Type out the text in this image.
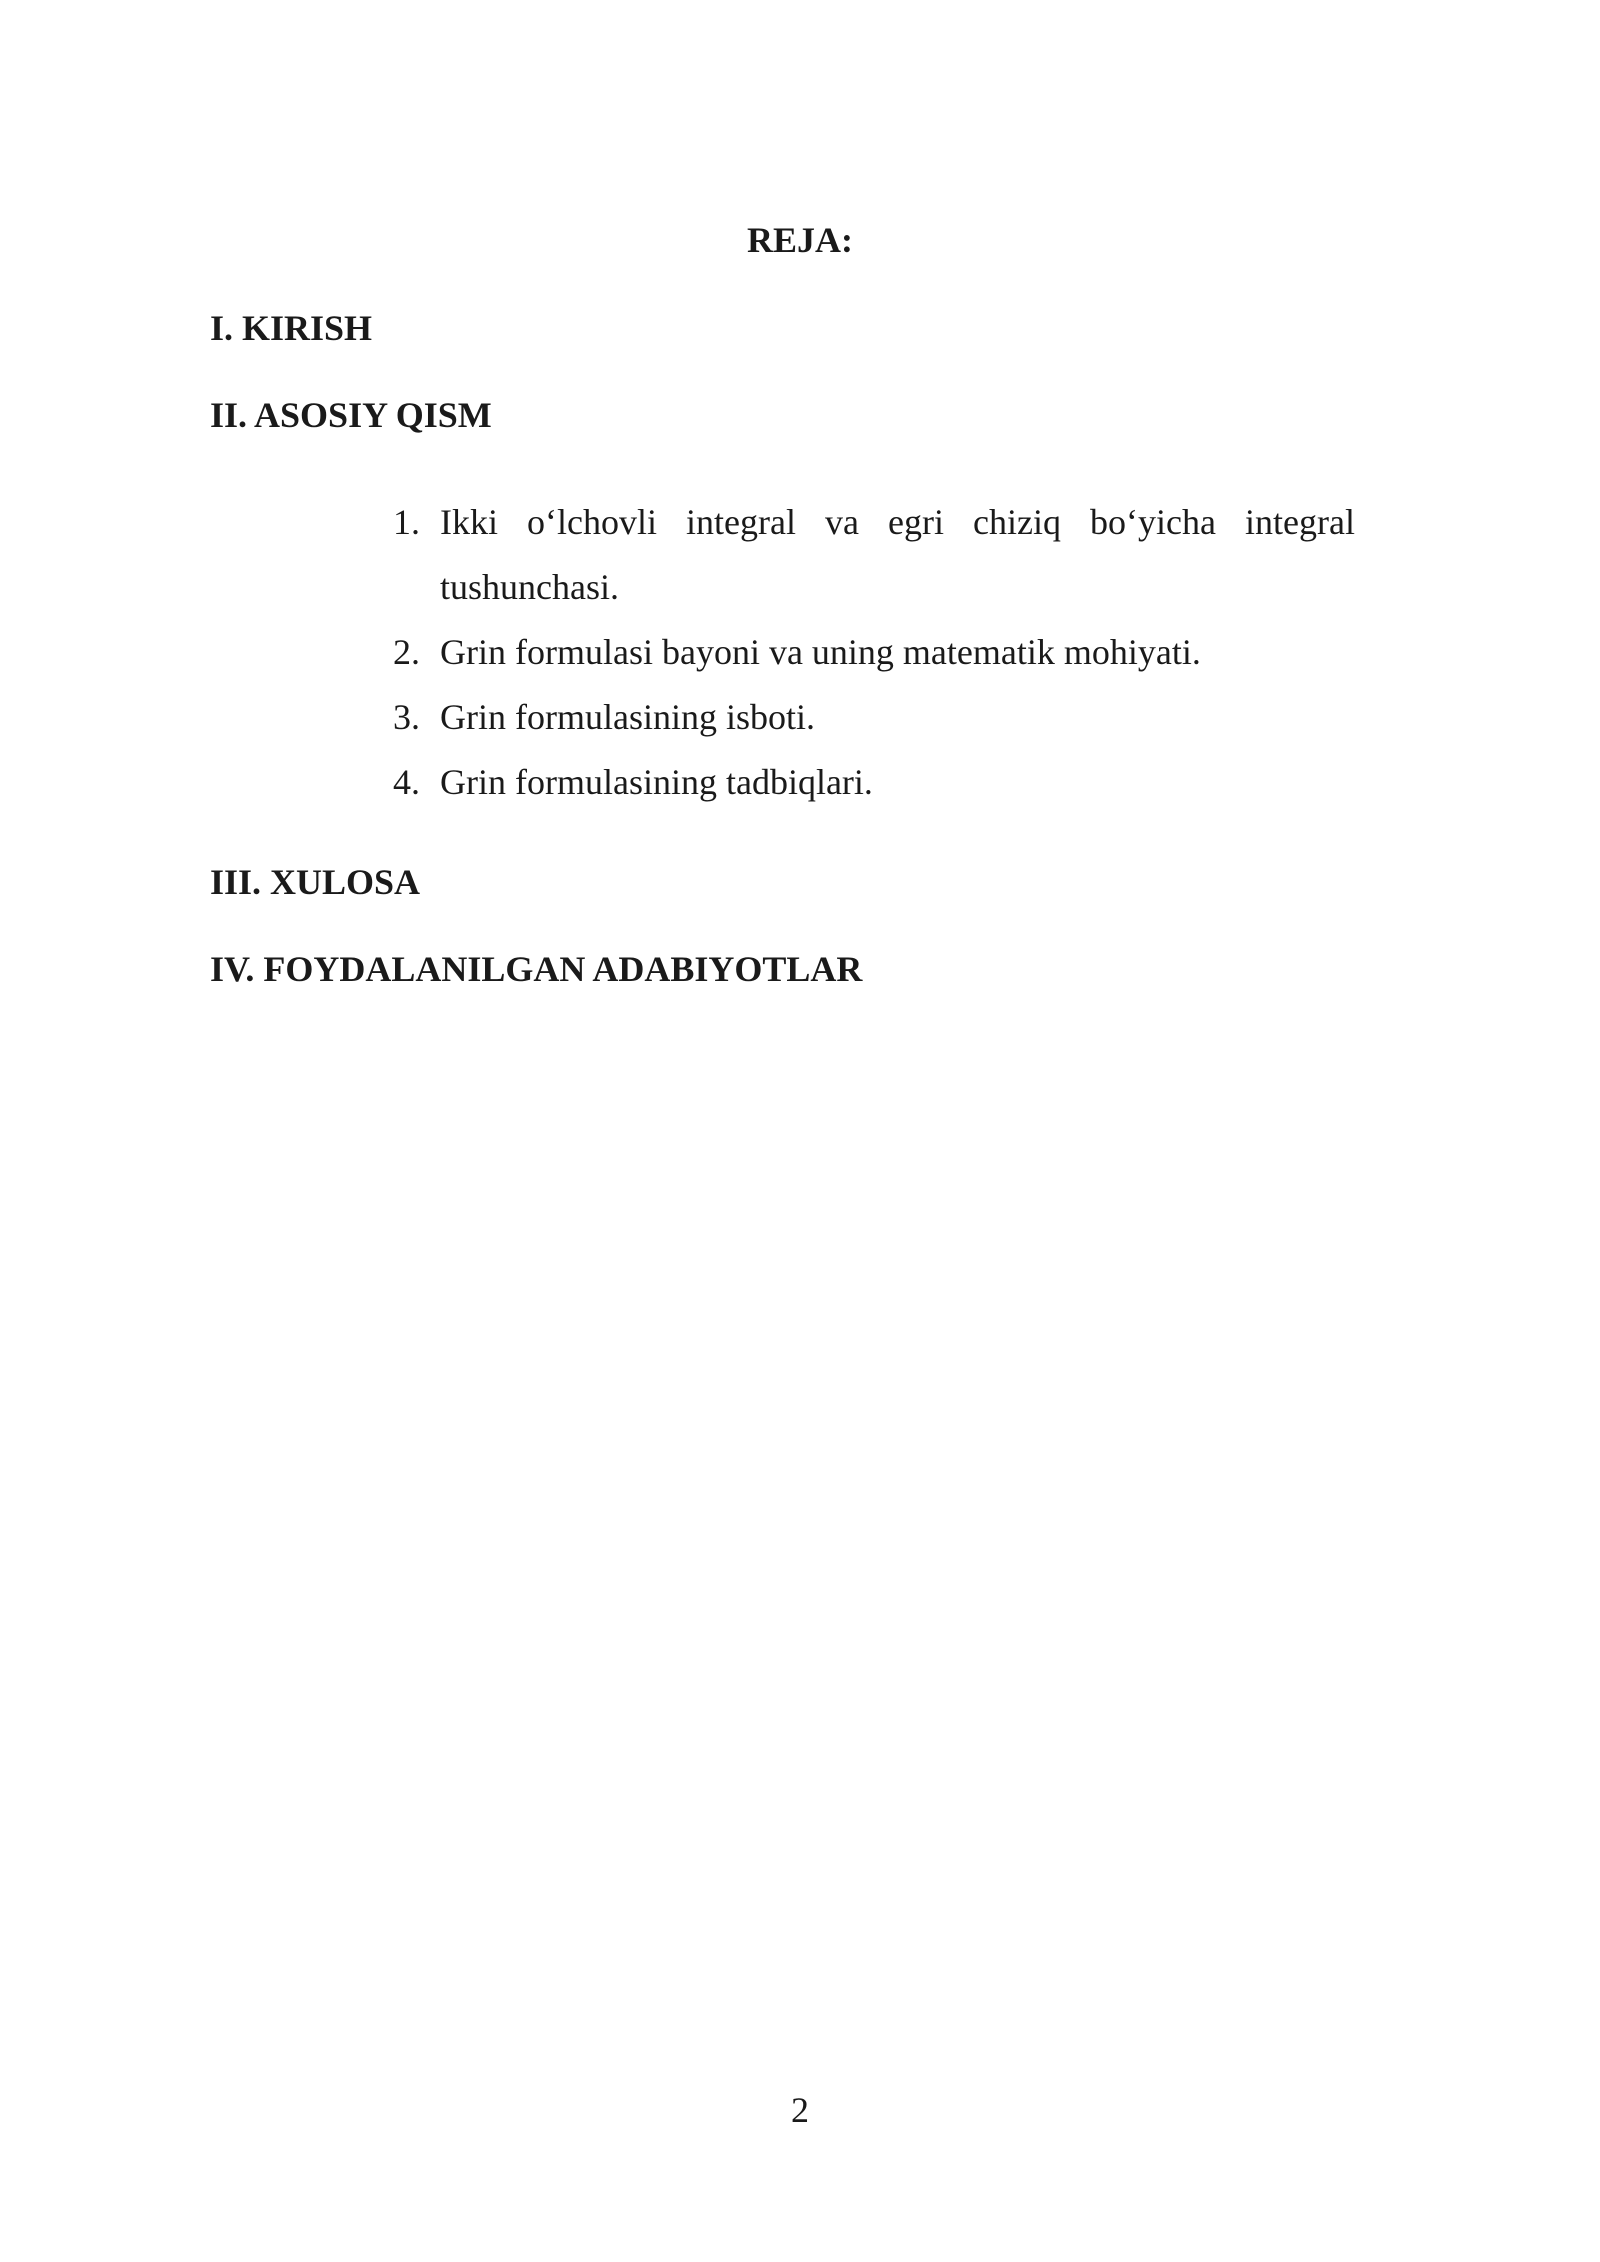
REJA:
I. KIRISH
II. ASOSIY QISM
1. Ikki o‘lchovli integral va egri chiziq bo‘yicha integral tushunchasi.
2. Grin formulasi bayoni va uning matematik mohiyati.
3. Grin formulasining isboti.
4. Grin formulasining tadbiqlari.
III. XULOSA
IV. FOYDALANILGAN ADABIYOTLAR
2
